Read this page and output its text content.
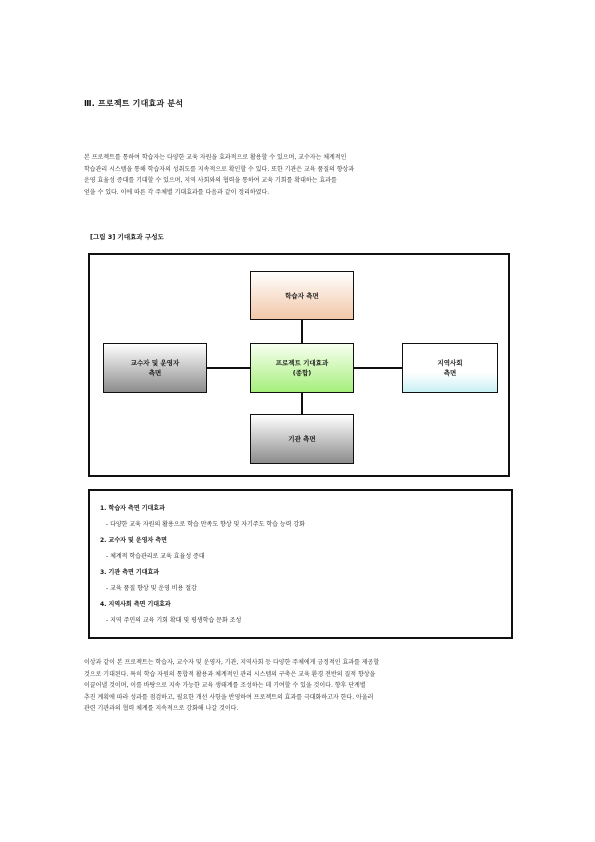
Ⅲ. 프로젝트 기대효과 분석
본 프로젝트를 통하여 학습자는 다양한 교육 자원을 효과적으로 활용할 수 있으며, 교수자는 체계적인
학습관리 시스템을 통해 학습자의 성취도를 지속적으로 확인할 수 있다. 또한 기관은 교육 품질의 향상과
운영 효율성 증대를 기대할 수 있으며, 지역 사회와의 협력을 통하여 교육 기회를 확대하는 효과를
얻을 수 있다. 이에 따른 각 주체별 기대효과를 다음과 같이 정리하였다.
[그림 3] 기대효과 구성도
학습자 측면
프로젝트 기대효과
(종합)
교수자 및 운영자
측면
지역사회
측면
기관 측면
1. 학습자 측면 기대효과
- 다양한 교육 자원의 활용으로 학습 만족도 향상 및 자기주도 학습 능력 강화
2. 교수자 및 운영자 측면
- 체계적 학습관리로 교육 효율성 증대
3. 기관 측면 기대효과
- 교육 품질 향상 및 운영 비용 절감
4. 지역사회 측면 기대효과
- 지역 주민의 교육 기회 확대 및 평생학습 문화 조성
이상과 같이 본 프로젝트는 학습자, 교수자 및 운영자, 기관, 지역사회 등 다양한 주체에게 긍정적인 효과를 제공할
것으로 기대된다. 특히 학습 자원의 통합적 활용과 체계적인 관리 시스템의 구축은 교육 환경 전반의 질적 향상을
이끌어낼 것이며, 이를 바탕으로 지속 가능한 교육 생태계를 조성하는 데 기여할 수 있을 것이다. 향후 단계별
추진 계획에 따라 성과를 점검하고, 필요한 개선 사항을 반영하여 프로젝트의 효과를 극대화하고자 한다. 아울러
관련 기관과의 협력 체계를 지속적으로 강화해 나갈 것이다.
